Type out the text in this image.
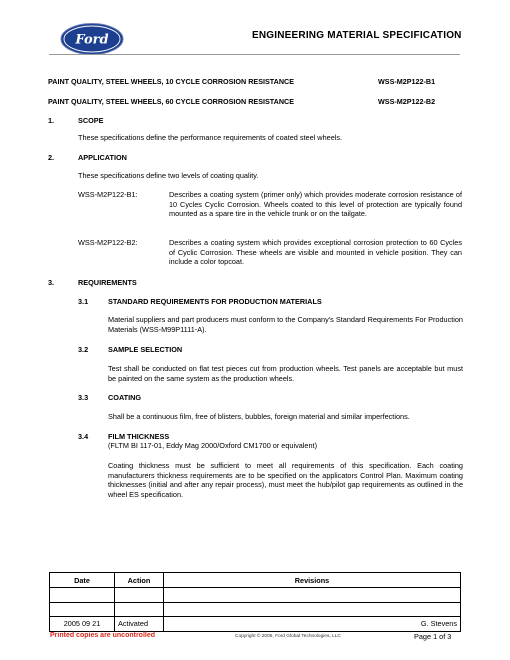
Ford	ENGINEERING MATERIAL SPECIFICATION
PAINT QUALITY, STEEL WHEELS, 10 CYCLE CORROSION RESISTANCE	WSS-M2P122-B1
PAINT QUALITY, STEEL WHEELS, 60 CYCLE CORROSION RESISTANCE	WSS-M2P122-B2
1.	SCOPE
These specifications define the performance requirements of coated steel wheels.
2.	APPLICATION
These specifications define two levels of coating quality.
WSS-M2P122-B1:	Describes a coating system (primer only) which provides moderate corrosion resistance of 10 Cycles Cyclic Corrosion. Wheels coated to this level of protection are typically found mounted as a spare tire in the vehicle trunk or on the tailgate.
WSS-M2P122-B2:	Describes a coating system which provides exceptional corrosion protection to 60 Cycles of Cyclic Corrosion. These wheels are visible and mounted in vehicle position. They can include a color topcoat.
3.	REQUIREMENTS
3.1	STANDARD REQUIREMENTS FOR PRODUCTION MATERIALS
Material suppliers and part producers must conform to the Company's Standard Requirements For Production Materials (WSS-M99P1111-A).
3.2	SAMPLE SELECTION
Test shall be conducted on flat test pieces cut from production wheels. Test panels are acceptable but must be painted on the same system as the production wheels.
3.3	COATING
Shall be a continuous film, free of blisters, bubbles, foreign material and similar imperfections.
3.4	FILM THICKNESS
(FLTM BI 117-01, Eddy Mag 2000/Oxford CM1700 or equivalent)
Coating thickness must be sufficient to meet all requirements of this specification. Each coating manufacturers thickness requirements are to be specified on the applicators Control Plan. Maximum coating thicknesses (initial and after any repair process), must meet the hub/pilot gap requirements as outlined in the wheel ES specification.
Date	Action	Revisions

2005 09 21	Activated	G. Stevens
Printed copies are uncontrolled	Copyright © 2005, Ford Global Technologies, LLC	Page 1 of 3
